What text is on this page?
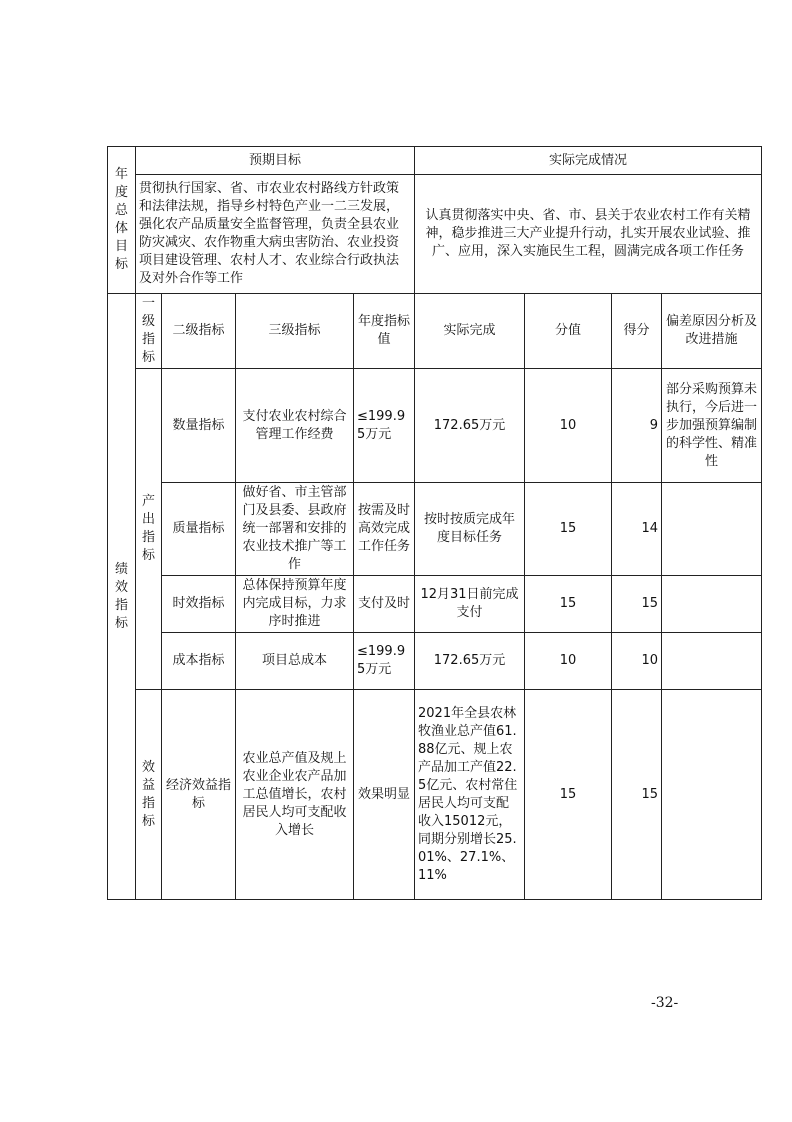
年度总体目标	预期目标				实际完成情况			
	贯彻执行国家、省、市农业农村路线方针政策和法律法规，指导乡村特色产业一二三发展，强化农产品质量安全监督管理，负责全县农业防灾减灾、农作物重大病虫害防治、农业投资项目建设管理、农村人才、农业综合行政执法及对外合作等工作				认真贯彻落实中央、省、市、县关于农业农村工作有关精神，稳步推进三大产业提升行动，扎实开展农业试验、推广、应用，深入实施民生工程，圆满完成各项工作任务			
绩效指标	一级指标	二级指标	三级指标	年度指标值	实际完成	分值	得分	偏差原因分析及改进措施
	产出指标	数量指标	支付农业农村综合管理工作经费	≤199.95万元	172.65万元	10	9	部分采购预算未执行，今后进一步加强预算编制的科学性、精准性
		质量指标	做好省、市主管部门及县委、县政府统一部署和安排的农业技术推广等工作	按需及时高效完成工作任务	按时按质完成年度目标任务	15	14	
		时效指标	总体保持预算年度内完成目标，力求序时推进	支付及时	12月31日前完成支付	15	15	
		成本指标	项目总成本	≤199.95万元	172.65万元	10	10	
	效益指标	经济效益指标	农业总产值及规上农业企业农产品加工总值增长，农村居民人均可支配收入增长	效果明显	2021年全县农林牧渔业总产值61.88亿元、规上农产品加工产值22.5亿元、农村常住居民人均可支配收入15012元，同期分别增长25.01%、27.1%、11%	15	15	
-32-
